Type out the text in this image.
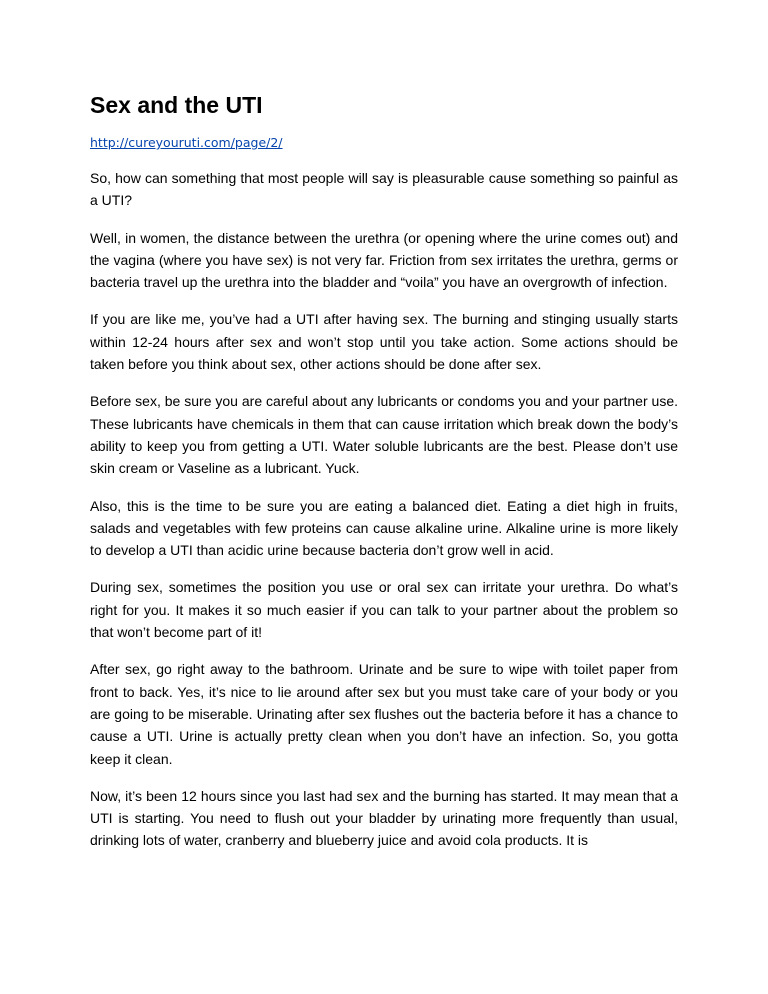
Sex and the UTI
http://cureyouruti.com/page/2/

So, how can something that most people will say is pleasurable cause something so painful as a UTI?

Well, in women, the distance between the urethra (or opening where the urine comes out) and the vagina (where you have sex) is not very far. Friction from sex irritates the urethra, germs or bacteria travel up the urethra into the bladder and “voila” you have an overgrowth of infection.

If you are like me, you’ve had a UTI after having sex. The burning and stinging usually starts within 12-24 hours after sex and won’t stop until you take action. Some actions should be taken before you think about sex, other actions should be done after sex.

Before sex, be sure you are careful about any lubricants or condoms you and your partner use. These lubricants have chemicals in them that can cause irritation which break down the body’s ability to keep you from getting a UTI. Water soluble lubricants are the best. Please don’t use skin cream or Vaseline as a lubricant. Yuck.

Also, this is the time to be sure you are eating a balanced diet. Eating a diet high in fruits, salads and vegetables with few proteins can cause alkaline urine. Alkaline urine is more likely to develop a UTI than acidic urine because bacteria don’t grow well in acid.

During sex, sometimes the position you use or oral sex can irritate your urethra. Do what’s right for you. It makes it so much easier if you can talk to your partner about the problem so that won’t become part of it!

After sex, go right away to the bathroom. Urinate and be sure to wipe with toilet paper from front to back. Yes, it’s nice to lie around after sex but you must take care of your body or you are going to be miserable. Urinating after sex flushes out the bacteria before it has a chance to cause a UTI. Urine is actually pretty clean when you don’t have an infection. So, you gotta keep it clean.

Now, it’s been 12 hours since you last had sex and the burning has started. It may mean that a UTI is starting. You need to flush out your bladder by urinating more frequently than usual, drinking lots of water, cranberry and blueberry juice and avoid cola products. It is
